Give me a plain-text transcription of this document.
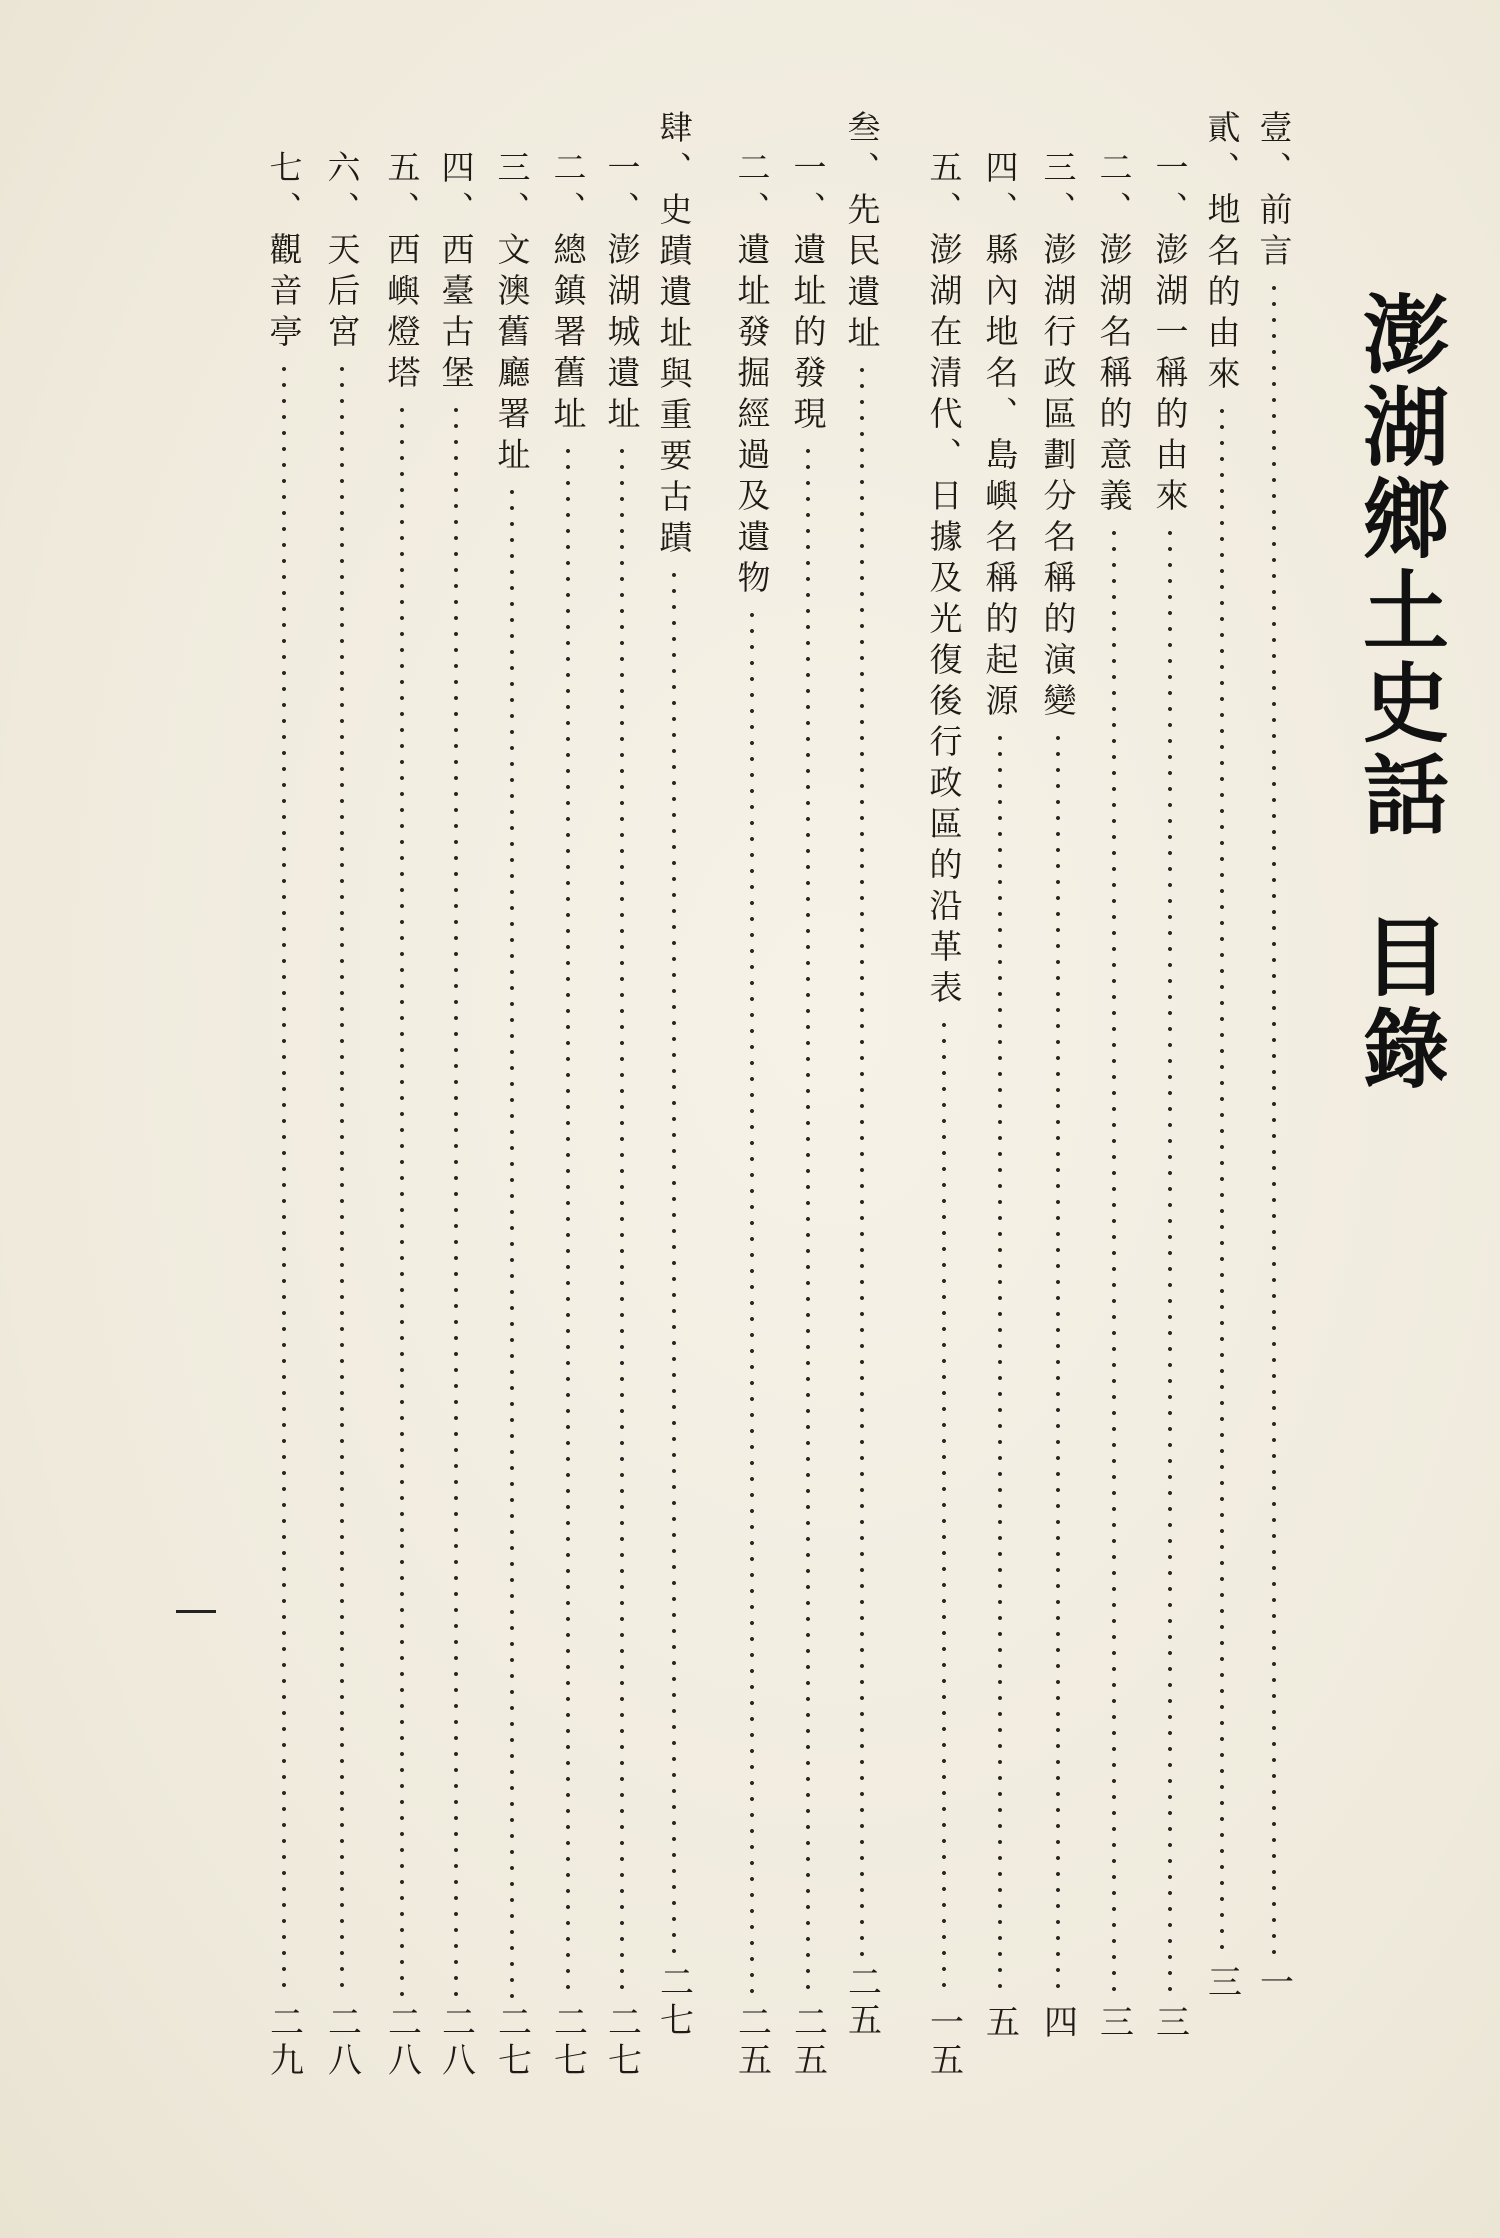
澎湖鄉土史話 目錄
壹、前言
一
貳、地名的由來
三
一、澎湖一稱的由來
三
二、澎湖名稱的意義
三
三、澎湖行政區劃分名稱的演變
四
四、縣內地名、島嶼名稱的起源
五
五、澎湖在清代、日據及光復後行政區的沿革表
一五
叁、先民遺址
二五
一、遺址的發現
二五
二、遺址發掘經過及遺物
二五
肆、史蹟遺址與重要古蹟
二七
一、澎湖城遺址
二七
二、總鎮署舊址
二七
三、文澳舊廳署址
二七
四、西臺古堡
二八
五、西嶼燈塔
二八
六、天后宮
二八
七、觀音亭
二九
